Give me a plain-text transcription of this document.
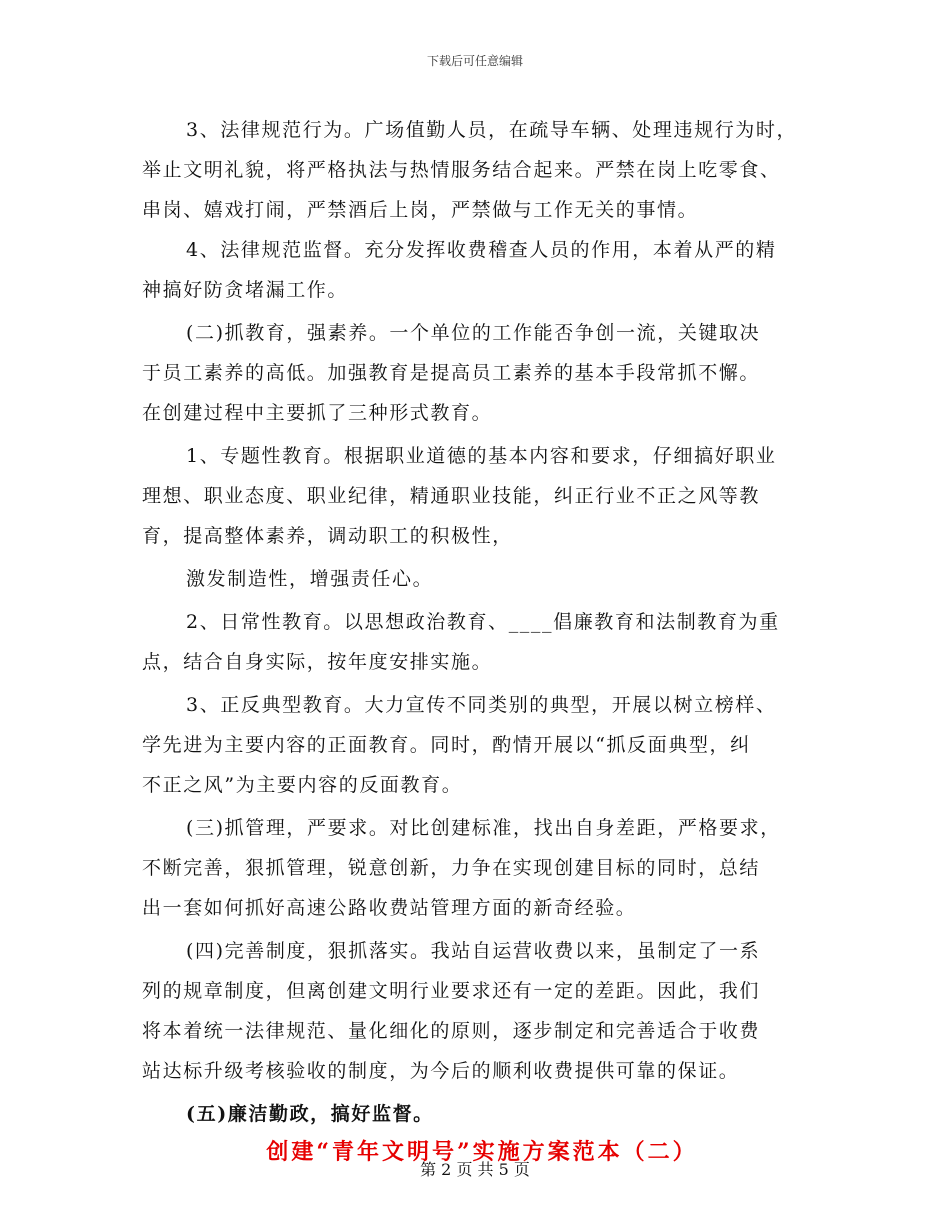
下载后可任意编辑
3、法律规范行为。广场值勤人员，在疏导车辆、处理违规行为时，
举止文明礼貌，将严格执法与热情服务结合起来。严禁在岗上吃零食、
串岗、嬉戏打闹，严禁酒后上岗，严禁做与工作无关的事情。
4、法律规范监督。充分发挥收费稽查人员的作用，本着从严的精
神搞好防贪堵漏工作。
(二)抓教育，强素养。一个单位的工作能否争创一流，关键取决
于员工素养的高低。加强教育是提高员工素养的基本手段常抓不懈。
在创建过程中主要抓了三种形式教育。
1、专题性教育。根据职业道德的基本内容和要求，仔细搞好职业
理想、职业态度、职业纪律，精通职业技能，纠正行业不正之风等教
育，提高整体素养，调动职工的积极性，
激发制造性，增强责任心。
2、日常性教育。以思想政治教育、____倡廉教育和法制教育为重
点，结合自身实际，按年度安排实施。
3、正反典型教育。大力宣传不同类别的典型，开展以树立榜样、
学先进为主要内容的正面教育。同时，酌情开展以“抓反面典型，纠
不正之风”为主要内容的反面教育。
(三)抓管理，严要求。对比创建标准，找出自身差距，严格要求，
不断完善，狠抓管理，锐意创新，力争在实现创建目标的同时，总结
出一套如何抓好高速公路收费站管理方面的新奇经验。
(四)完善制度，狠抓落实。我站自运营收费以来，虽制定了一系
列的规章制度，但离创建文明行业要求还有一定的差距。因此，我们
将本着统一法律规范、量化细化的原则，逐步制定和完善适合于收费
站达标升级考核验收的制度，为今后的顺利收费提供可靠的保证。
(五)廉洁勤政，搞好监督。
创建“青年文明号”实施方案范本（二）
第 2 页 共 5 页
